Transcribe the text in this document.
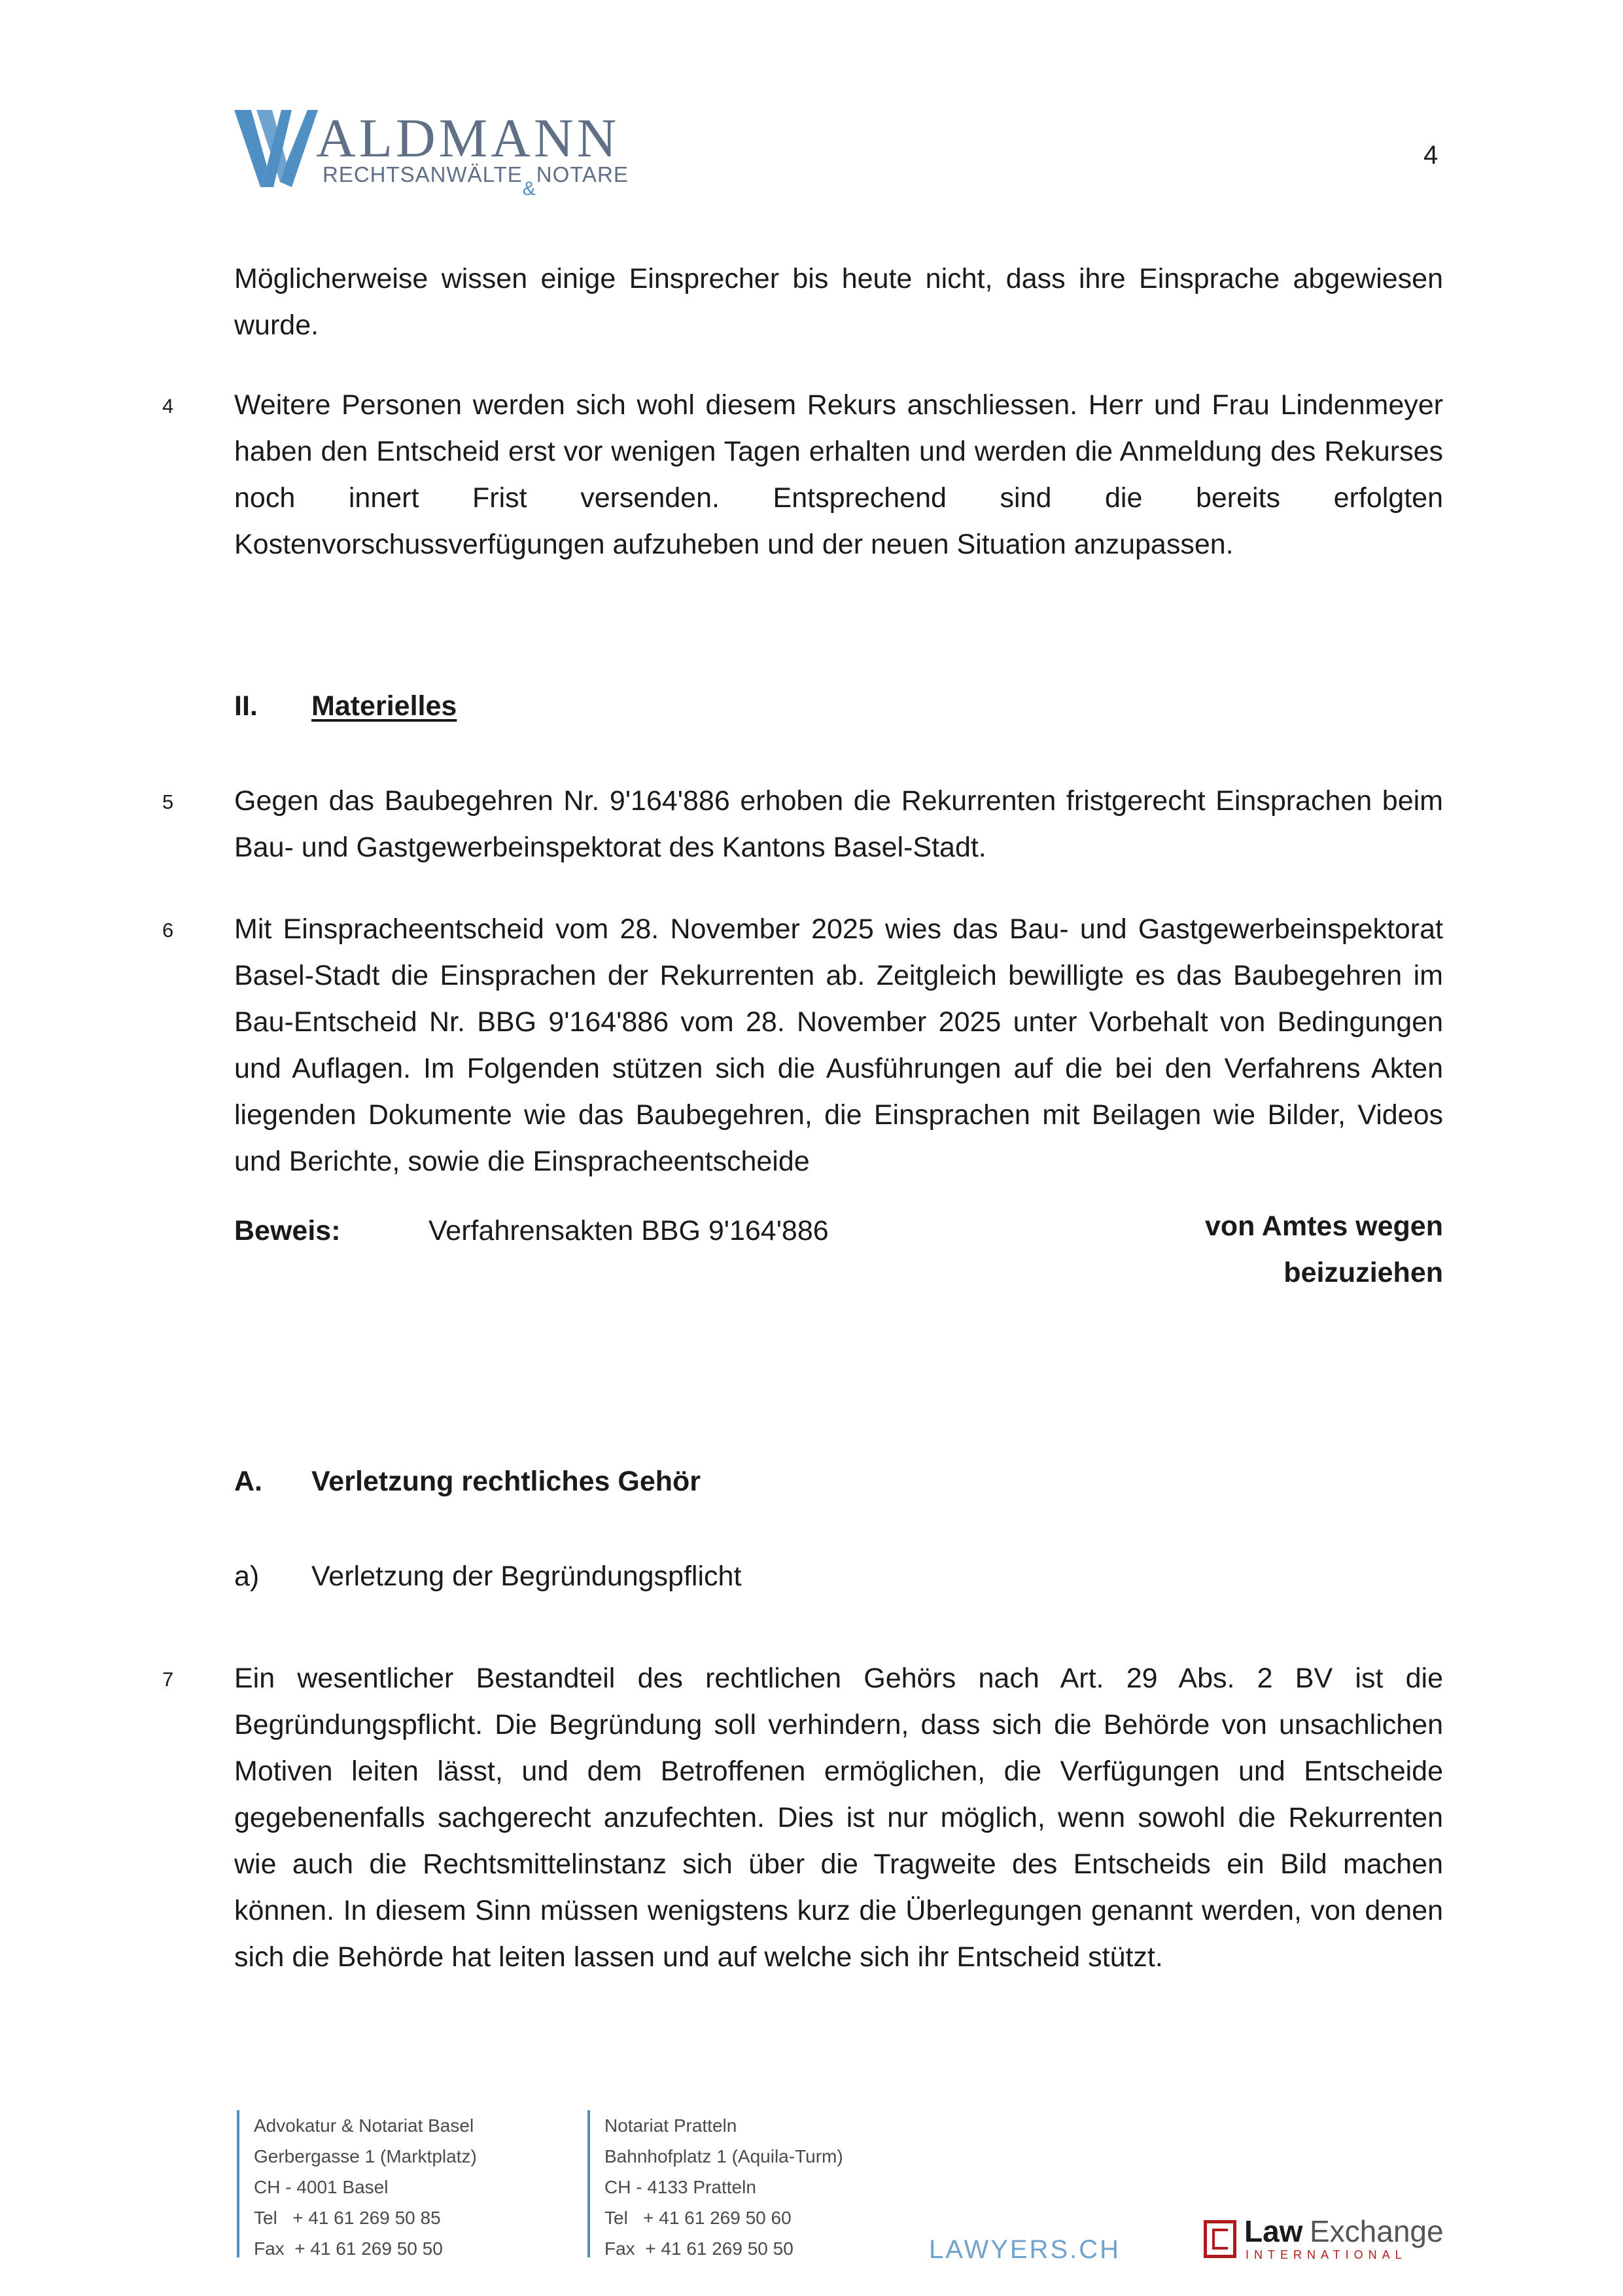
ALDMANN
RECHTSANWÄLTE&NOTARE
4
Möglicherweise wissen einige Einsprecher bis heute nicht, dass ihre Einsprache abgewiesen wurde.
4 Weitere Personen werden sich wohl diesem Rekurs anschliessen. Herr und Frau Lindenmeyer haben den Entscheid erst vor wenigen Tagen erhalten und werden die Anmeldung des Rekurses noch innert Frist versenden. Entsprechend sind die bereits erfolgten Kostenvorschussverfügungen aufzuheben und der neuen Situation anzupassen.
II. Materielles
5 Gegen das Baubegehren Nr. 9'164'886 erhoben die Rekurrenten fristgerecht Einsprachen beim Bau- und Gastgewerbeinspektorat des Kantons Basel-Stadt.
6 Mit Einspracheentscheid vom 28. November 2025 wies das Bau- und Gastgewerbeinspektorat Basel-Stadt die Einsprachen der Rekurrenten ab. Zeitgleich bewilligte es das Baubegehren im Bau-Entscheid Nr. BBG 9'164'886 vom 28. November 2025 unter Vorbehalt von Bedingungen und Auflagen. Im Folgenden stützen sich die Ausführungen auf die bei den Verfahrens Akten liegenden Dokumente wie das Baubegehren, die Einsprachen mit Beilagen wie Bilder, Videos und Berichte, sowie die Einspracheentscheide
Beweis:	Verfahrensakten BBG 9'164'886	von Amtes wegen
beizuziehen
A. Verletzung rechtliches Gehör
a) Verletzung der Begründungspflicht
7 Ein wesentlicher Bestandteil des rechtlichen Gehörs nach Art. 29 Abs. 2 BV ist die Begründungspflicht. Die Begründung soll verhindern, dass sich die Behörde von unsachlichen Motiven leiten lässt, und dem Betroffenen ermöglichen, die Verfügungen und Entscheide gegebenenfalls sachgerecht anzufechten. Dies ist nur möglich, wenn sowohl die Rekurrenten wie auch die Rechtsmittelinstanz sich über die Tragweite des Entscheids ein Bild machen können. In diesem Sinn müssen wenigstens kurz die Überlegungen genannt werden, von denen sich die Behörde hat leiten lassen und auf welche sich ihr Entscheid stützt.
Advokatur & Notariat Basel
Gerbergasse 1 (Marktplatz)
CH - 4001 Basel
Tel   + 41 61 269 50 85
Fax  + 41 61 269 50 50
Notariat Pratteln
Bahnhofplatz 1 (Aquila-Turm)
CH - 4133 Pratteln
Tel   + 41 61 269 50 60
Fax  + 41 61 269 50 50	LAWYERS.CH
Law Exchange
INTERNATIONAL
